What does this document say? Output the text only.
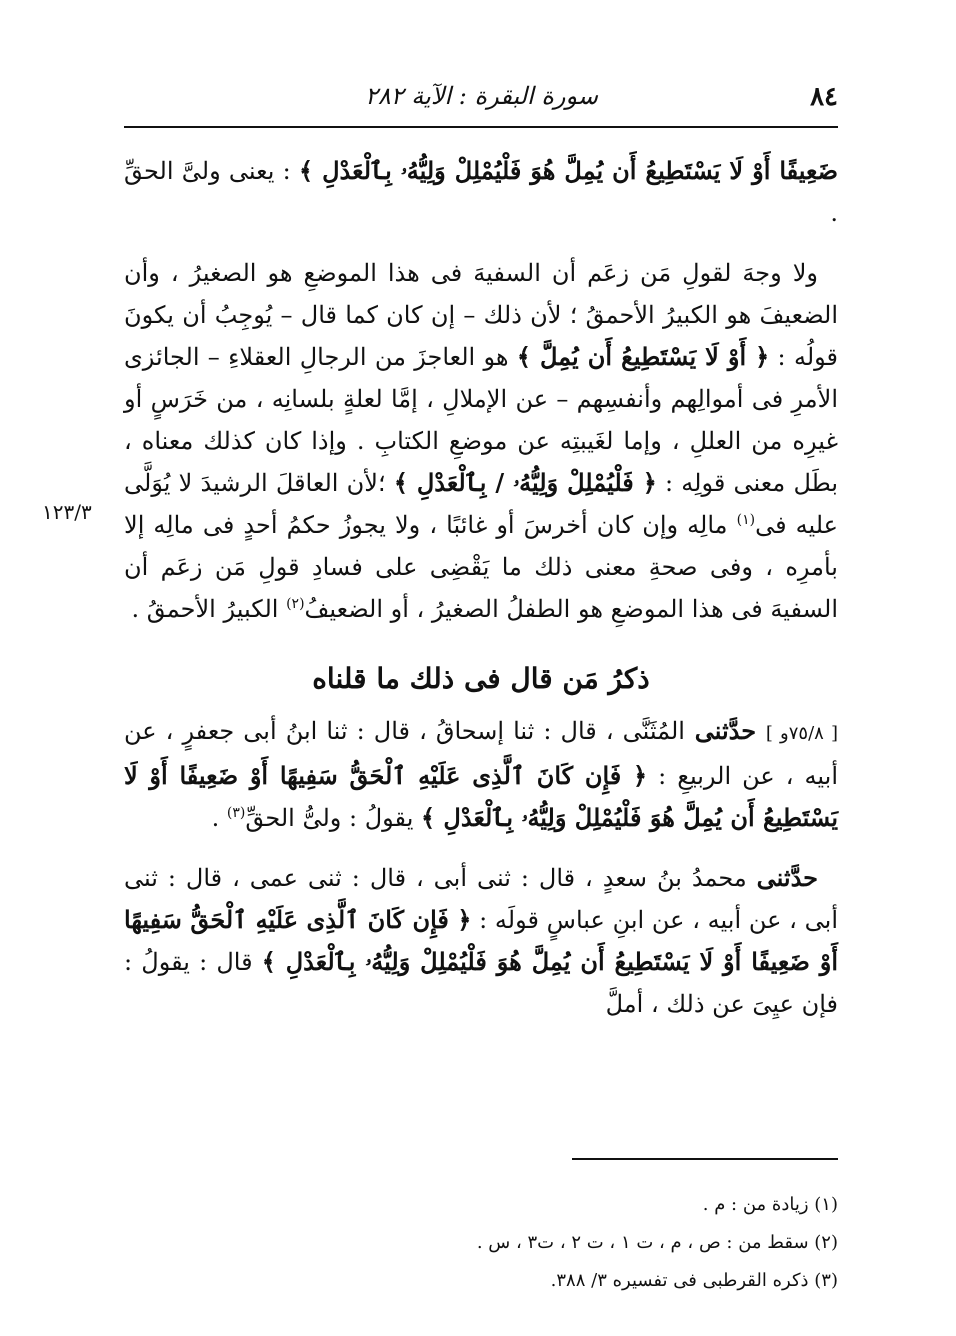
٨٤
سورة البقرة : الآية ٢٨٢
١٢٣/٣

ضَعِيفًا أَوْ لَا يَسْتَطِيعُ أَن يُمِلَّ هُوَ فَلْيُمْلِلْ وَلِيُّهُۥ بِٱلْعَدْلِ ﴾ : يعنى ولىَّ الحقِّ .

ولا وجهَ لقولِ مَن زعَم أن السفيهَ فى هذا الموضعِ هو الصغيرُ ، وأن الضعيفَ هو الكبيرُ الأحمقُ ؛ لأن ذلك – إن كان كما قال – يُوجِبُ أن يكونَ قولُه : ﴿ أَوْ لَا يَسْتَطِيعُ أَن يُمِلَّ ﴾ هو العاجزَ من الرجالِ العقلاءِ – الجائزى الأمرِ فى أموالِهم وأنفسِهم – عن الإملالِ ، إمَّا لعلةٍ بلسانِه ، من خَرَسٍ أو غيرِه من العللِ ، وإما لغَيبتِه عن موضعِ الكتابِ . وإذا كان كذلك معناه ، بطَل معنى قولِه : ﴿ فَلْيُمْلِلْ وَلِيُّهُۥ / بِٱلْعَدْلِ ﴾ ؛لأن العاقلَ الرشيدَ لا يُوَلَّى عليه فى$^{(١)}$ مالِه وإن كان أخرسَ أو غائبًا ، ولا يجوزُ حكمُ أحدٍ فى مالِه إلا بأمرِه ، وفى صحةِ معنى ذلك ما يَقْضِى على فسادِ قولِ مَن زعَم أن السفيهَ فى هذا الموضعِ هو الطفلُ الصغيرُ ، أو الضعيفُ$^{(٢)}$ الكبيرُ الأحمقُ .

ذكرُ مَن قال فى ذلك ما قلناه

[ ٧٥/٨و ] حدَّثنى المُثَنَّى ، قال : ثنا إسحاقُ ، قال : ثنا ابنُ أبى جعفرٍ ، عن أبيه ، عن الربيعِ : ﴿ فَإِن كَانَ ٱلَّذِى عَلَيْهِ ٱلْحَقُّ سَفِيهًا أَوْ ضَعِيفًا أَوْ لَا يَسْتَطِيعُ أَن يُمِلَّ هُوَ فَلْيُمْلِلْ وَلِيُّهُۥ بِٱلْعَدْلِ ﴾ يقولُ : ولىُّ الحقِّ$^{(٣)}$ .

حدَّثنى محمدُ بنُ سعدٍ ، قال : ثنى أبى ، قال : ثنى عمى ، قال : ثنى أبى ، عن أبيه ، عن ابنِ عباسٍ قولَه : ﴿ فَإِن كَانَ ٱلَّذِى عَلَيْهِ ٱلْحَقُّ سَفِيهًا أَوْ ضَعِيفًا أَوْ لَا يَسْتَطِيعُ أَن يُمِلَّ هُوَ فَلْيُمْلِلْ وَلِيُّهُۥ بِٱلْعَدْلِ ﴾ قال : يقولُ : فإن عيِىَ عن ذلك ، أملَّ

(١) زيادة من : م .
(٢) سقط من : ص ، م ، ت ١ ، ت ٢ ، ت٣ ، س .
(٣) ذكره القرطبى فى تفسيره ٣/ ٣٨٨.
